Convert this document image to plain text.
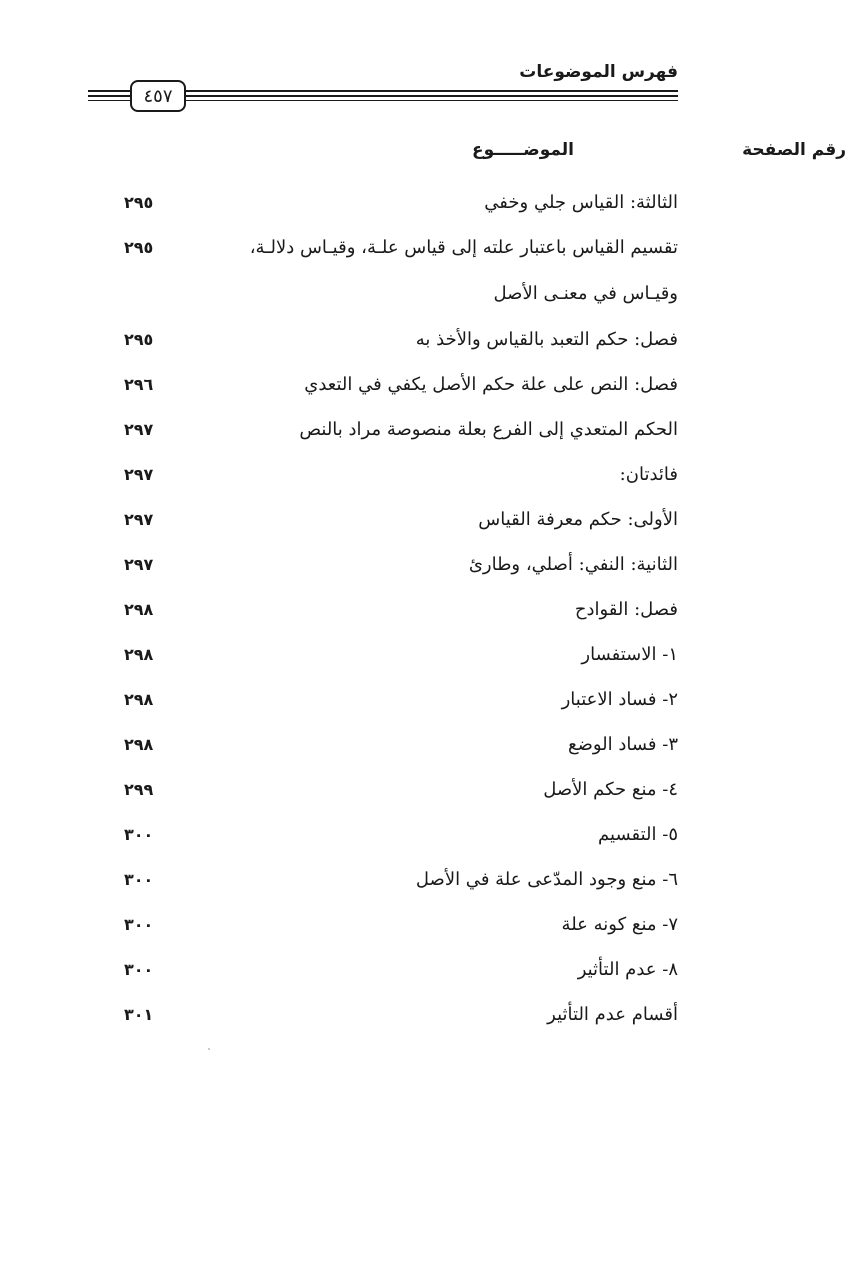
فهرس الموضوعات
٤٥٧
الموضـــــوع	رقم الصفحة
الثالثة: القياس جلي وخفي
٢٩٥
تقسيم القياس باعتبار علته إلى قياس علـة، وقيـاس دلالـة، وقيـاس في معنـى الأصل
٢٩٥
فصل: حكم التعبد بالقياس والأخذ به
٢٩٥
فصل: النص على علة حكم الأصل يكفي في التعدي
٢٩٦
الحكم المتعدي إلى الفرع بعلة منصوصة مراد بالنص
٢٩٧
فائدتان:
٢٩٧
الأولى: حكم معرفة القياس
٢٩٧
الثانية: النفي: أصلي، وطارئ
٢٩٧
فصل: القوادح
٢٩٨
١- الاستفسار
٢٩٨
٢- فساد الاعتبار
٢٩٨
٣- فساد الوضع
٢٩٨
٤- منع حكم الأصل
٢٩٩
٥- التقسيم
٣٠٠
٦- منع وجود المدّعى علة في الأصل
٣٠٠
٧- منع كونه علة
٣٠٠
٨- عدم التأثير
٣٠٠
أقسام عدم التأثير
٣٠١
